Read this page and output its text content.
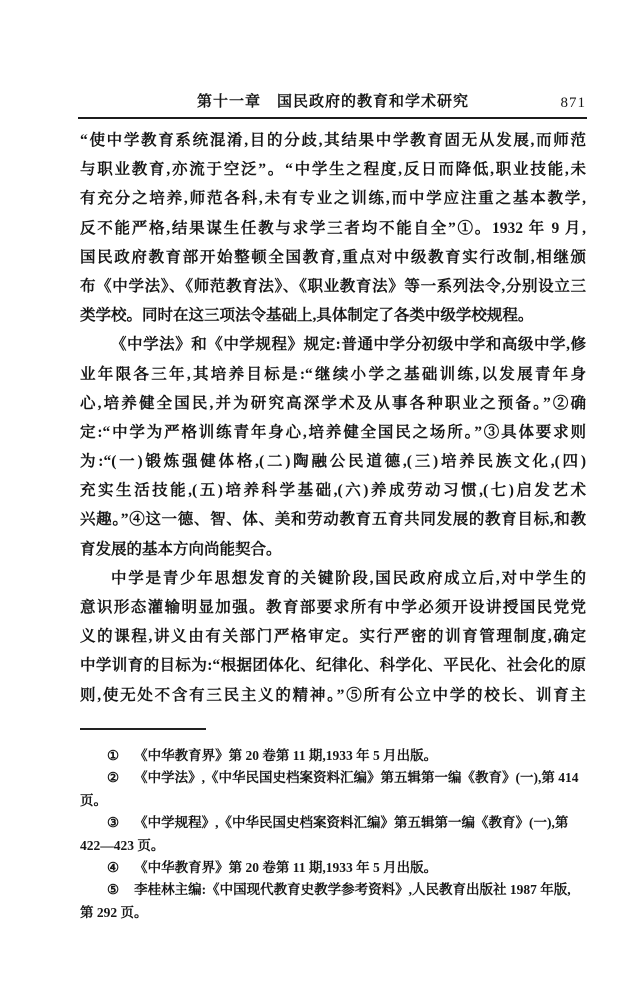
第十一章　国民政府的教育和学术研究	871
“使中学教育系统混淆,目的分歧,其结果中学教育固无从发展,而师范
与职业教育,亦流于空泛”。“中学生之程度,反日而降低,职业技能,未
有充分之培养,师范各科,未有专业之训练,而中学应注重之基本教学,
反不能严格,结果谋生任教与求学三者均不能自全”①。1932 年 9 月,
国民政府教育部开始整顿全国教育,重点对中级教育实行改制,相继颁
布《中学法》、《师范教育法》、《职业教育法》等一系列法令,分别设立三
类学校。同时在这三项法令基础上,具体制定了各类中级学校规程。
《中学法》和《中学规程》规定:普通中学分初级中学和高级中学,修
业年限各三年,其培养目标是:“继续小学之基础训练,以发展青年身
心,培养健全国民,并为研究高深学术及从事各种职业之预备。”②确
定:“中学为严格训练青年身心,培养健全国民之场所。”③具体要求则
为:“(一)锻炼强健体格,(二)陶融公民道德,(三)培养民族文化,(四)
充实生活技能,(五)培养科学基础,(六)养成劳动习惯,(七)启发艺术
兴趣。”④这一德、智、体、美和劳动教育五育共同发展的教育目标,和教
育发展的基本方向尚能契合。
中学是青少年思想发育的关键阶段,国民政府成立后,对中学生的
意识形态灌输明显加强。教育部要求所有中学必须开设讲授国民党党
义的课程,讲义由有关部门严格审定。实行严密的训育管理制度,确定
中学训育的目标为:“根据团体化、纪律化、科学化、平民化、社会化的原
则,使无处不含有三民主义的精神。”⑤所有公立中学的校长、训育主
① 《中华教育界》第 20 卷第 11 期,1933 年 5 月出版。
② 《中学法》,《中华民国史档案资料汇编》第五辑第一编《教育》(一),第 414
页。
③ 《中学规程》,《中华民国史档案资料汇编》第五辑第一编《教育》(一),第
422—423 页。
④ 《中华教育界》第 20 卷第 11 期,1933 年 5 月出版。
⑤ 李桂林主编:《中国现代教育史教学参考资料》,人民教育出版社 1987 年版,
第 292 页。
